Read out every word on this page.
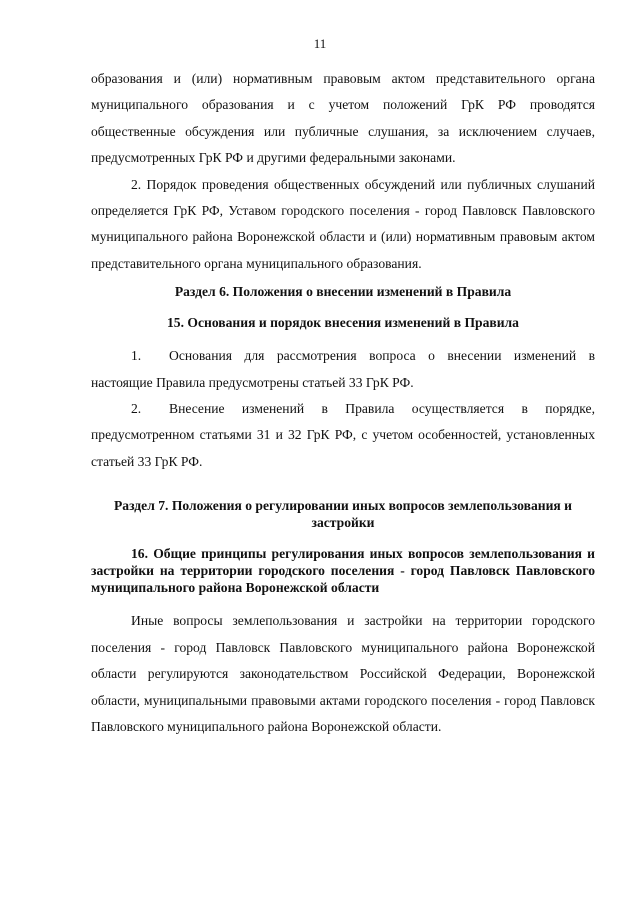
11

образования и (или) нормативным правовым актом представительного органа муниципального образования и с учетом положений ГрК РФ проводятся общественные обсуждения или публичные слушания, за исключением случаев, предусмотренных ГрК РФ и другими федеральными законами.

2. Порядок проведения общественных обсуждений или публичных слушаний определяется ГрК РФ, Уставом городского поселения - город Павловск Павловского муниципального района Воронежской области и (или) нормативным правовым актом представительного органа муниципального образования.

Раздел 6. Положения о внесении изменений в Правила

15. Основания и порядок внесения изменений в Правила

1. Основания для рассмотрения вопроса о внесении изменений в настоящие Правила предусмотрены статьей 33 ГрК РФ.

2. Внесение изменений в Правила осуществляется в порядке, предусмотренном статьями 31 и 32 ГрК РФ, с учетом особенностей, установленных статьей 33 ГрК РФ.

Раздел 7. Положения о регулировании иных вопросов землепользования и застройки

16. Общие принципы регулирования иных вопросов землепользования и застройки на территории городского поселения - город Павловск Павловского муниципального района Воронежской области

Иные вопросы землепользования и застройки на территории городского поселения - город Павловск Павловского муниципального района Воронежской области регулируются законодательством Российской Федерации, Воронежской области, муниципальными правовыми актами городского поселения - город Павловск Павловского муниципального района Воронежской области.
